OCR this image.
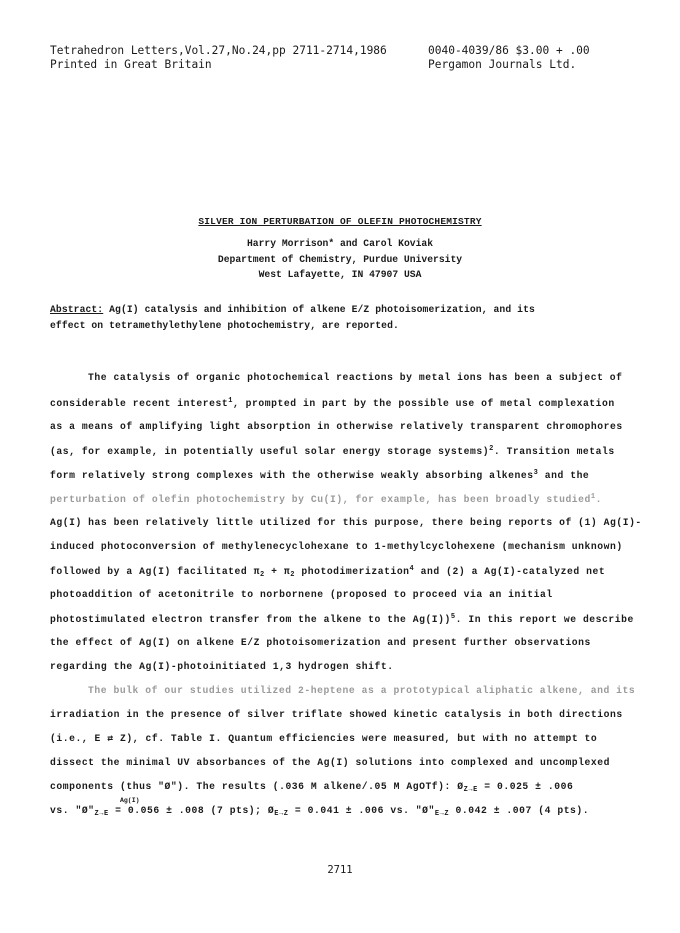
Tetrahedron Letters,Vol.27,No.24,pp 2711-2714,1986
Printed in Great Britain
0040-4039/86 $3.00 + .00
Pergamon Journals Ltd.
SILVER ION PERTURBATION OF OLEFIN PHOTOCHEMISTRY
Harry Morrison* and Carol Koviak
Department of Chemistry, Purdue University
West Lafayette, IN 47907 USA
Abstract: Ag(I) catalysis and inhibition of alkene E/Z photoisomerization, and its
effect on tetramethylethylene photochemistry, are reported.
The catalysis of organic photochemical reactions by metal ions has been a subject of
considerable recent interest$^1$, prompted in part by the possible use of metal complexation
as a means of amplifying light absorption in otherwise relatively transparent chromophores
(as, for example, in potentially useful solar energy storage systems)$^2$. Transition metals
form relatively strong complexes with the otherwise weakly absorbing alkenes$^3$ and the
perturbation of olefin photochemistry by Cu(I), for example, has been broadly studied$^1$.
Ag(I) has been relatively little utilized for this purpose, there being reports of (1) Ag(I)-
induced photoconversion of methylenecyclohexane to 1-methylcyclohexene (mechanism unknown)
followed by a Ag(I) facilitated $\pi_2 + \pi_2$ photodimerization$^4$ and (2) a Ag(I)-catalyzed net
photoaddition of acetonitrile to norbornene (proposed to proceed via an initial
photostimulated electron transfer from the alkene to the Ag(I))$^5$. In this report we describe
the effect of Ag(I) on alkene E/Z photoisomerization and present further observations
regarding the Ag(I)-photoinitiated 1,3 hydrogen shift.
The bulk of our studies utilized 2-heptene as a prototypical aliphatic alkene, and its
irradiation in the presence of silver triflate showed kinetic catalysis in both directions
(i.e., E ⇄ Z), cf. Table I. Quantum efficiencies were measured, but with no attempt to
dissect the minimal UV absorbances of the Ag(I) solutions into complexed and uncomplexed
components (thus "Ø"). The results (.036 M alkene/.05 M AgOTf): $Ø_{Z\to E} = 0.025 \pm .006$
vs. "$Ø"_{Z\to E} = 0.056 \pm .008$ (7 pts); $Ø_{E\to Z} = 0.041 \pm .006$ vs. "$Ø"_{E\to Z}$ 0.042 ± .007 (4 pts).
Ag(I)
2711
